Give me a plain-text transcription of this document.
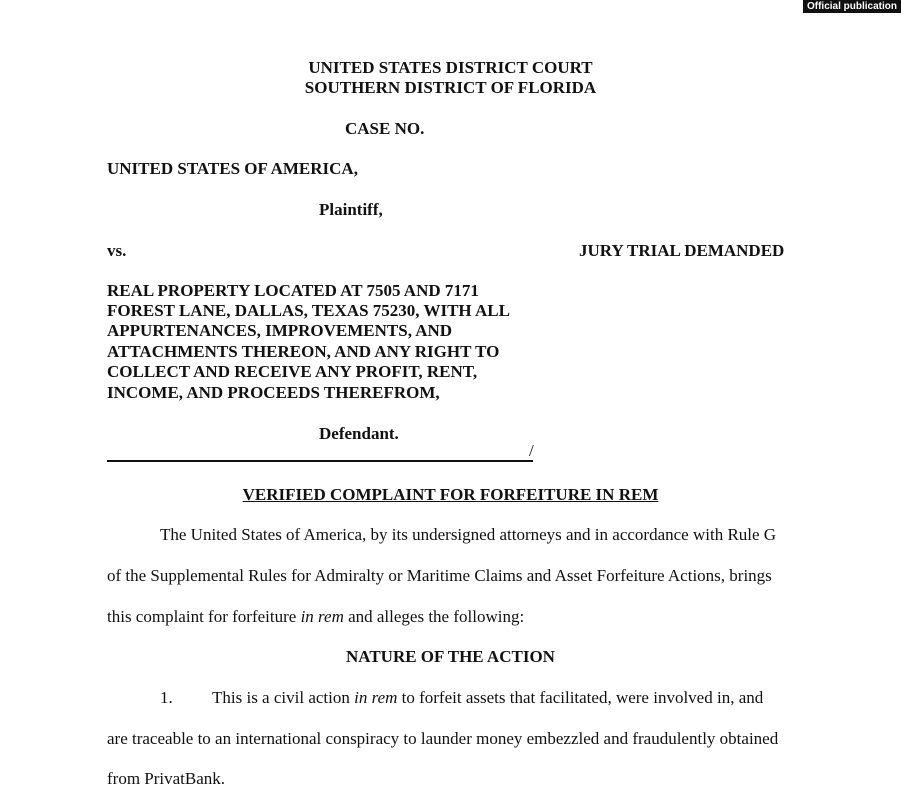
Official publication
UNITED STATES DISTRICT COURT
SOUTHERN DISTRICT OF FLORIDA
CASE NO.
UNITED STATES OF AMERICA,
Plaintiff,
vs.	JURY TRIAL DEMANDED
REAL PROPERTY LOCATED AT 7505 AND 7171
FOREST LANE, DALLAS, TEXAS 75230, WITH ALL
APPURTENANCES, IMPROVEMENTS, AND
ATTACHMENTS THEREON, AND ANY RIGHT TO
COLLECT AND RECEIVE ANY PROFIT, RENT,
INCOME, AND PROCEEDS THEREFROM,
Defendant.
/
VERIFIED COMPLAINT FOR FORFEITURE IN REM
The United States of America, by its undersigned attorneys and in accordance with Rule G
of the Supplemental Rules for Admiralty or Maritime Claims and Asset Forfeiture Actions, brings
this complaint for forfeiture in rem and alleges the following:
NATURE OF THE ACTION
1. This is a civil action in rem to forfeit assets that facilitated, were involved in, and
are traceable to an international conspiracy to launder money embezzled and fraudulently obtained
from PrivatBank.
